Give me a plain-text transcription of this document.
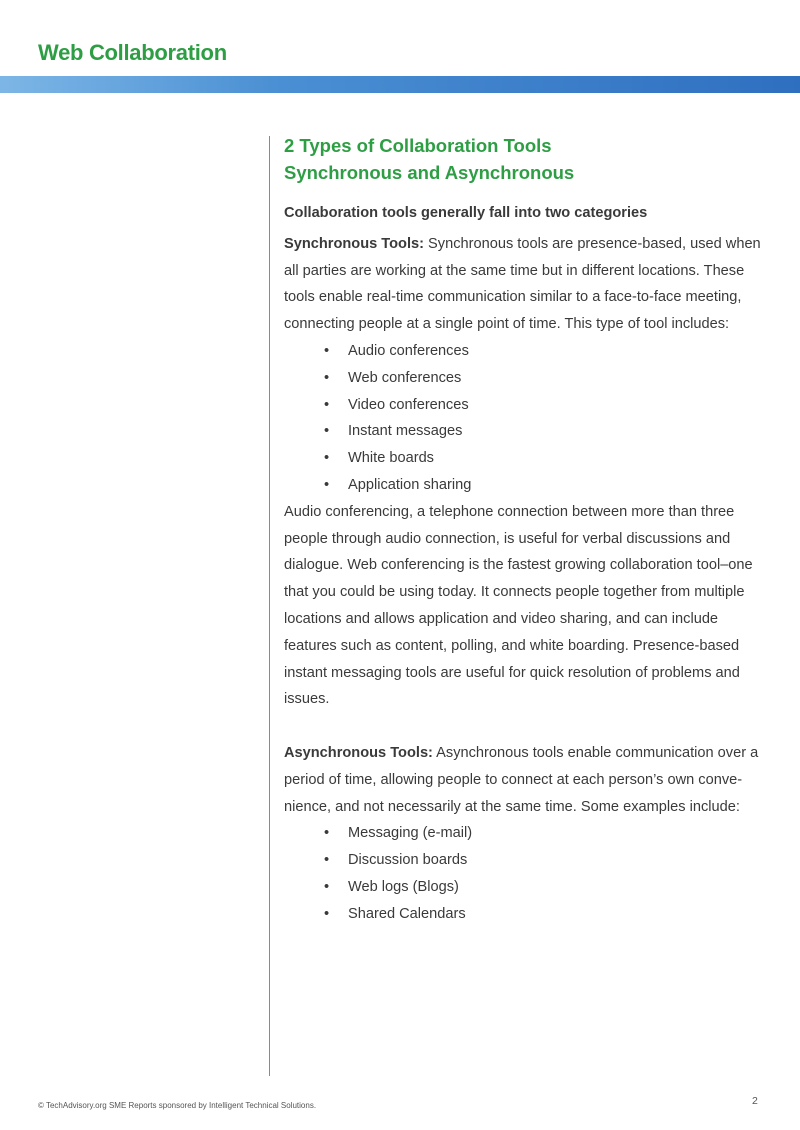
Web Collaboration
2 Types of Collaboration Tools
Synchronous and Asynchronous
Collaboration tools generally fall into two categories

Synchronous Tools: Synchronous tools are presence-based, used when all parties are working at the same time but in different locations. These tools enable real-time communication similar to a face-to-face meeting, connecting people at a single point of time. This type of tool includes:

• Audio conferences
• Web conferences
• Video conferences
• Instant messages
• White boards
• Application sharing

Audio conferencing, a telephone connection between more than three people through audio connection, is useful for verbal discussions and dialogue. Web conferencing is the fastest growing collaboration tool–one that you could be using today. It connects people together from multiple locations and allows application and video sharing, and can include features such as content, polling, and white boarding. Presence-based instant messaging tools are useful for quick resolution of problems and issues.

Asynchronous Tools: Asynchronous tools enable communication over a period of time, allowing people to connect at each person’s own convenience, and not necessarily at the same time. Some examples include:

• Messaging (e-mail)
• Discussion boards
• Web logs (Blogs)
• Shared Calendars
© TechAdvisory.org SME Reports sponsored by Intelligent Technical Solutions.	2
